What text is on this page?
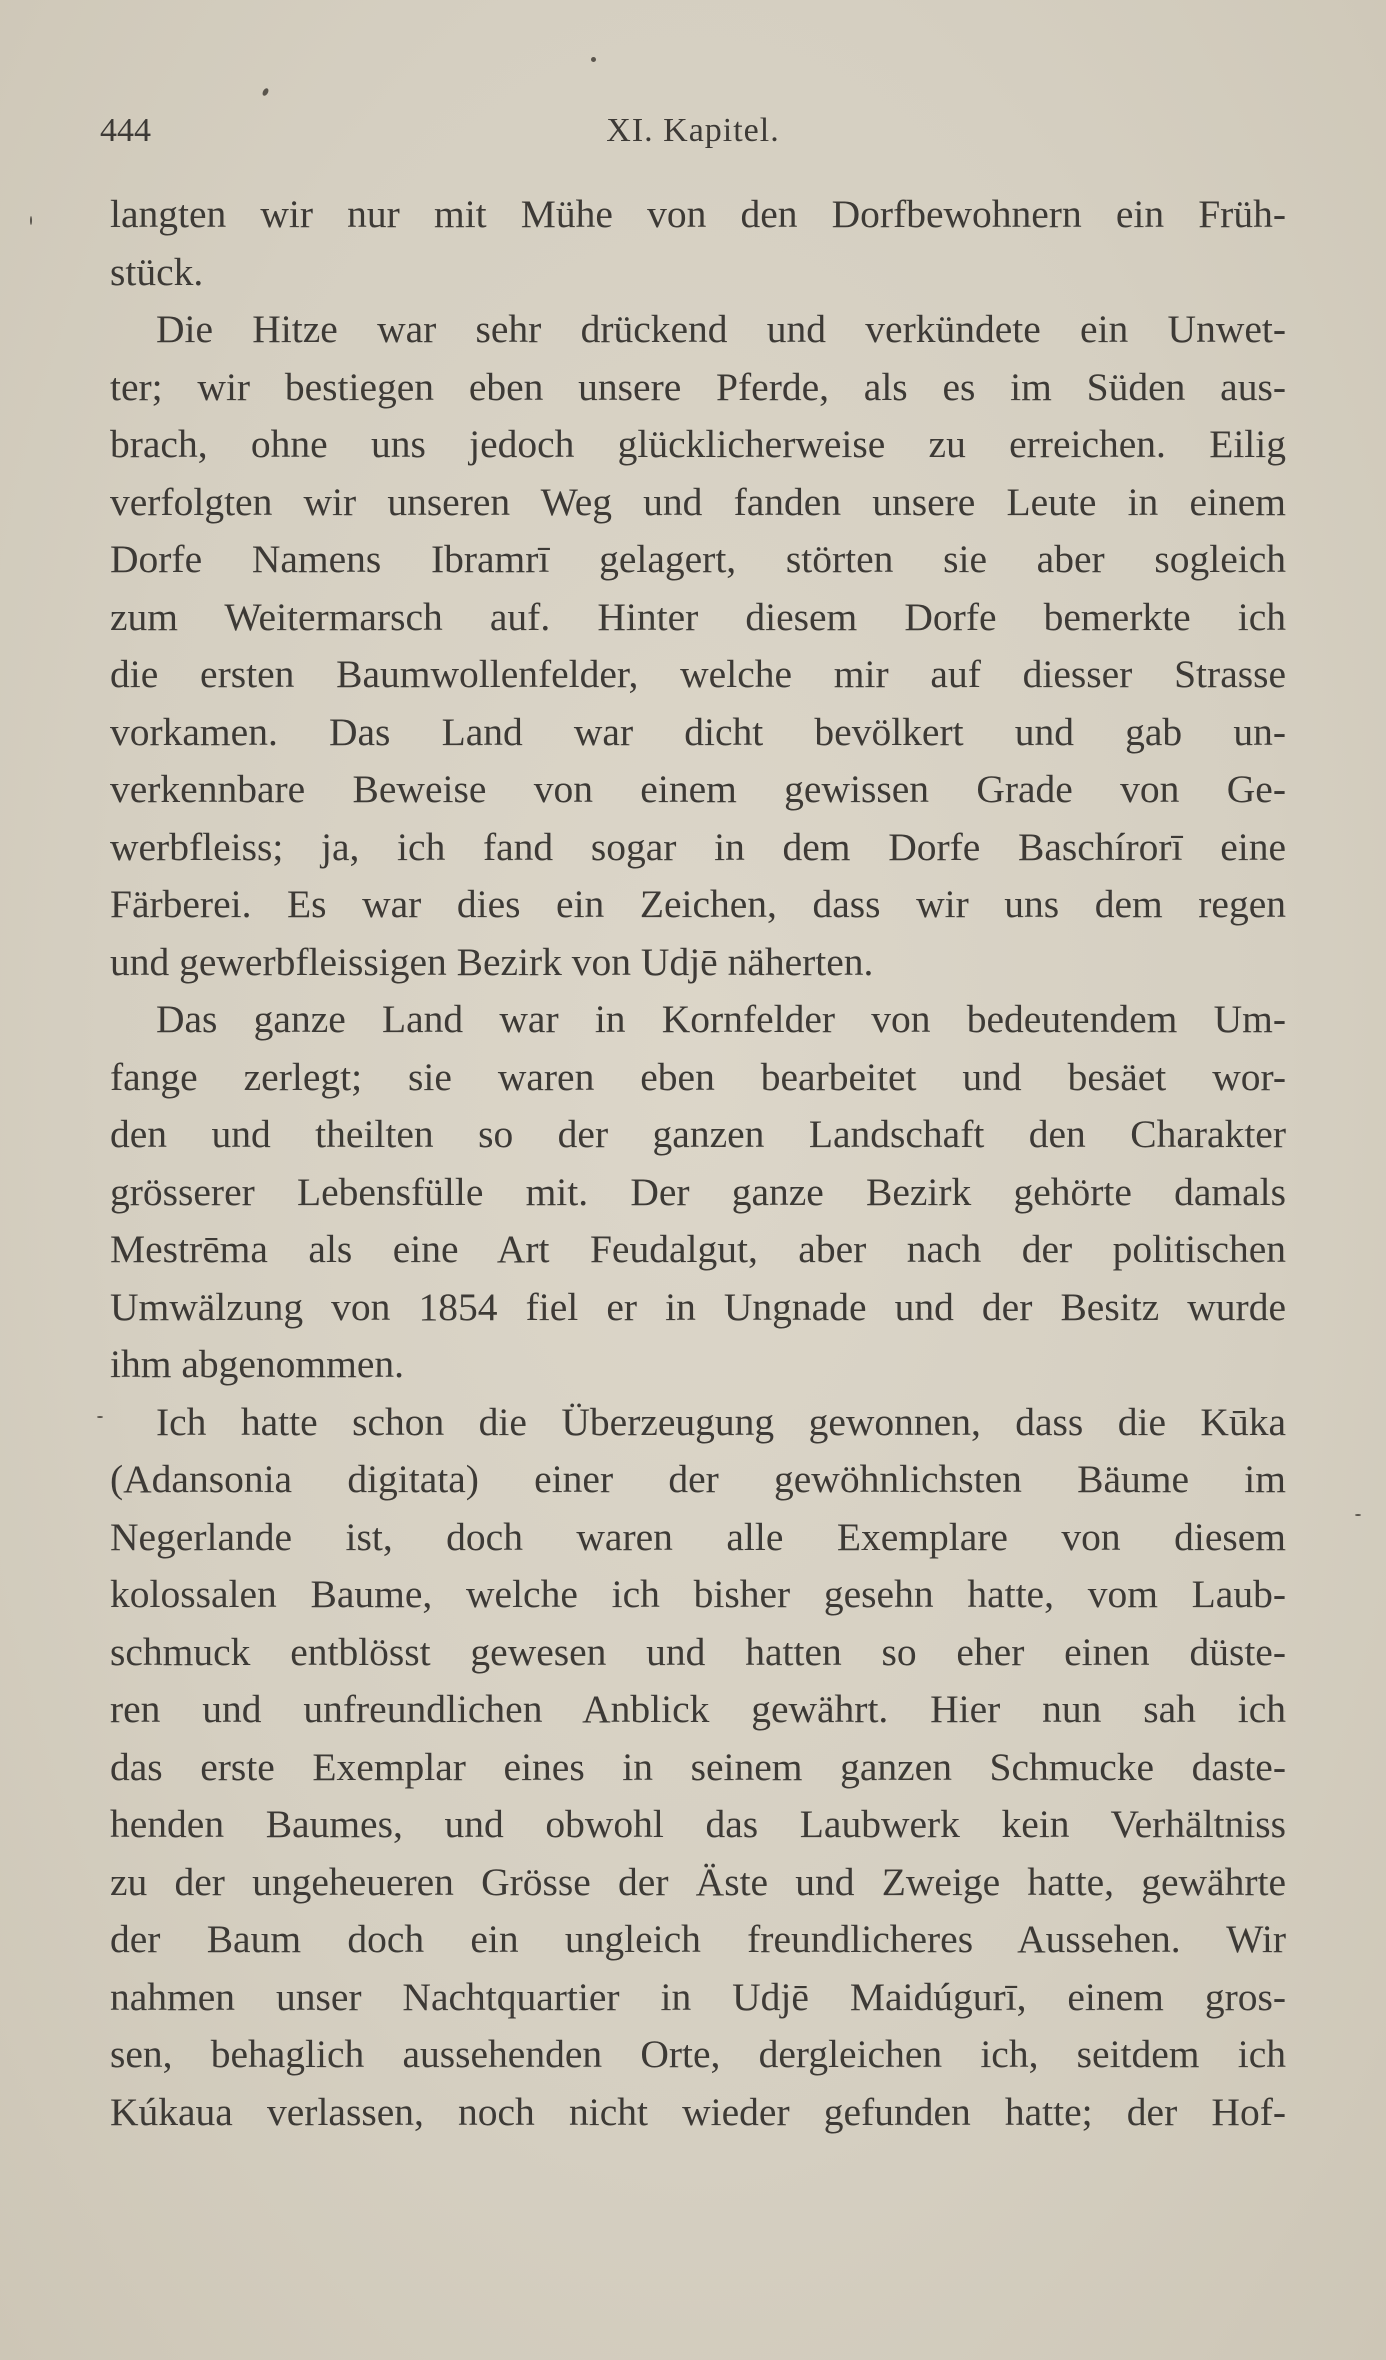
444	XI. Kapitel.
langten wir nur mit Mühe von den Dorfbewohnern ein Früh-
stück.
Die Hitze war sehr drückend und verkündete ein Unwet-
ter; wir bestiegen eben unsere Pferde, als es im Süden aus-
brach, ohne uns jedoch glücklicherweise zu erreichen. Eilig
verfolgten wir unseren Weg und fanden unsere Leute in einem
Dorfe Namens Ibramrī gelagert, störten sie aber sogleich
zum Weitermarsch auf. Hinter diesem Dorfe bemerkte ich
die ersten Baumwollenfelder, welche mir auf diesser Strasse
vorkamen. Das Land war dicht bevölkert und gab un-
verkennbare Beweise von einem gewissen Grade von Ge-
werbfleiss; ja, ich fand sogar in dem Dorfe Baschírorī eine
Färberei. Es war dies ein Zeichen, dass wir uns dem regen
und gewerbfleissigen Bezirk von Udjē näherten.
Das ganze Land war in Kornfelder von bedeutendem Um-
fange zerlegt; sie waren eben bearbeitet und besäet wor-
den und theilten so der ganzen Landschaft den Charakter
grösserer Lebensfülle mit. Der ganze Bezirk gehörte damals
Mestrēma als eine Art Feudalgut, aber nach der politischen
Umwälzung von 1854 fiel er in Ungnade und der Besitz wurde
ihm abgenommen.
Ich hatte schon die Überzeugung gewonnen, dass die Kūka
(Adansonia digitata) einer der gewöhnlichsten Bäume im
Negerlande ist, doch waren alle Exemplare von diesem
kolossalen Baume, welche ich bisher gesehn hatte, vom Laub-
schmuck entblösst gewesen und hatten so eher einen düste-
ren und unfreundlichen Anblick gewährt. Hier nun sah ich
das erste Exemplar eines in seinem ganzen Schmucke daste-
henden Baumes, und obwohl das Laubwerk kein Verhältniss
zu der ungeheueren Grösse der Äste und Zweige hatte, gewährte
der Baum doch ein ungleich freundlicheres Aussehen. Wir
nahmen unser Nachtquartier in Udjē Maidúgurī, einem gros-
sen, behaglich aussehenden Orte, dergleichen ich, seitdem ich
Kúkaua verlassen, noch nicht wieder gefunden hatte; der Hof-
